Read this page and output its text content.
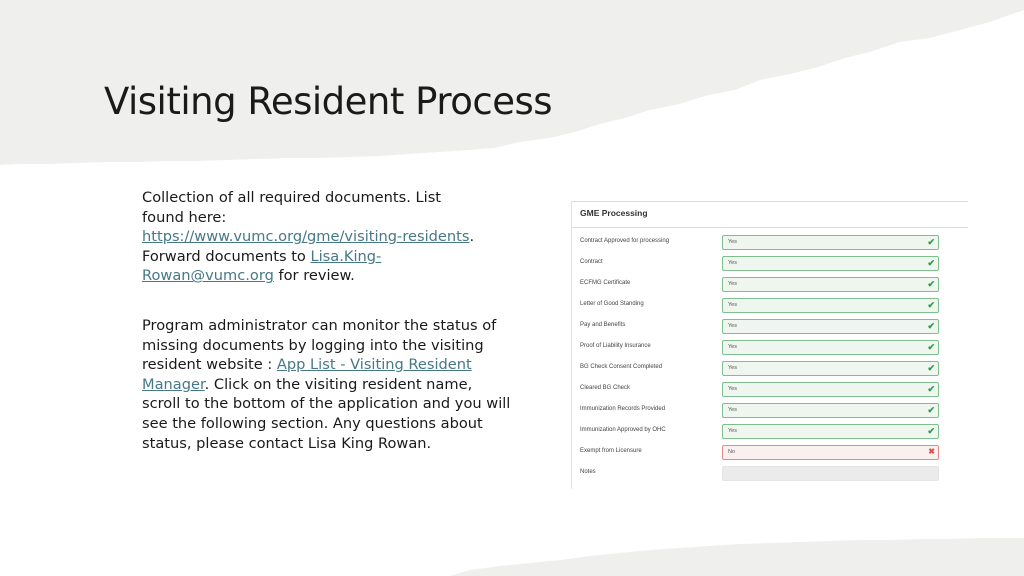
Visiting Resident Process

Collection of all required documents. List
found here:
https://www.vumc.org/gme/visiting-residents.
Forward documents to Lisa.King-
Rowan@vumc.org for review.

Program administrator can monitor the status of missing documents by logging into the visiting resident website : App List - Visiting Resident Manager. Click on the visiting resident name, scroll to the bottom of the application and you will see the following section. Any questions about status, please contact Lisa King Rowan.

GME Processing
Contract Approved for processing	Yes	✔
Contract	Yes	✔
ECFMG Certificate	Yes	✔
Letter of Good Standing	Yes	✔
Pay and Benefits	Yes	✔
Proof of Liability Insurance	Yes	✔
BG Check Consent Completed	Yes	✔
Cleared BG Check	Yes	✔
Immunization Records Provided	Yes	✔
Immunization Approved by OHC	Yes	✔
Exempt from Licensure	No	✖
Notes
